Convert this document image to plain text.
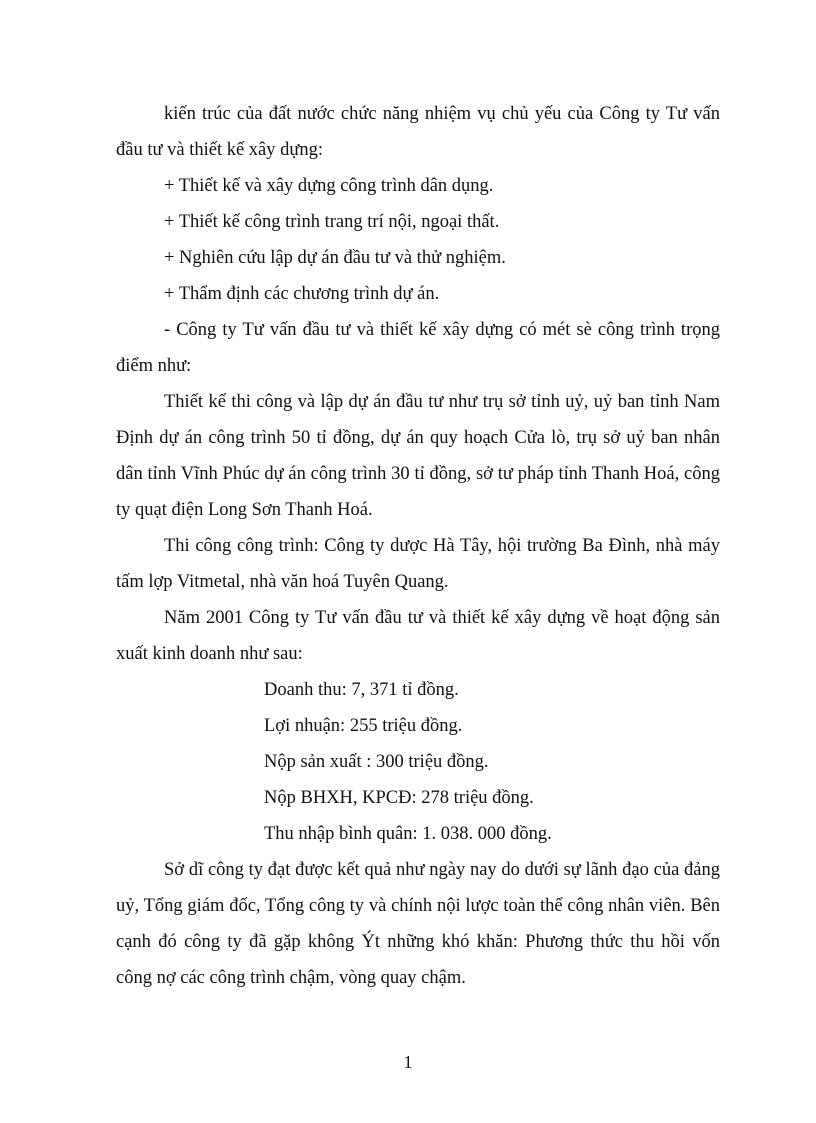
kiến trúc của đất nước chức năng nhiệm vụ chủ yếu của Công ty Tư vấn đầu tư và thiết kế xây dựng:

+ Thiết kế và xây dựng công trình dân dụng.

+ Thiết kế công trình trang trí nội, ngoại thất.

+ Nghiên cứu lập dự án đầu tư và thử nghiệm.

+ Thẩm định các chương trình dự án.

- Công ty Tư vấn đầu tư và thiết kế xây dựng có mét sè công trình trọng điểm như:

Thiết kế thi công và lập dự án đầu tư như trụ sở tỉnh uỷ, uỷ ban tỉnh Nam Định dự án công trình 50 tỉ đồng, dự án quy hoạch Cửa lò, trụ sở uỷ ban nhân dân tỉnh Vĩnh Phúc dự án công trình 30 tỉ đồng, sở tư pháp tỉnh Thanh Hoá, công ty quạt điện Long Sơn Thanh Hoá.

Thi công công trình: Công ty dược Hà Tây, hội trường Ba Đình, nhà máy tấm lợp Vitmetal, nhà văn hoá Tuyên Quang.

Năm 2001 Công ty Tư vấn đầu tư và thiết kế xây dựng về hoạt động sản xuất kinh doanh như sau:

Doanh thu: 7, 371 tỉ đồng.

Lợi nhuận: 255 triệu đồng.

Nộp sản xuất : 300 triệu đồng.

Nộp BHXH, KPCĐ: 278 triệu đồng.

Thu nhập bình quân: 1. 038. 000 đồng.

Sở dĩ công ty đạt được kết quả như ngày nay do dưới sự lãnh đạo của đảng uỷ, Tổng giám đốc, Tổng công ty và chính nội lược toàn thể công nhân viên. Bên cạnh đó công ty đã gặp không Ýt những khó khăn: Phương thức thu hồi vốn công nợ các công trình chậm, vòng quay chậm.

1
